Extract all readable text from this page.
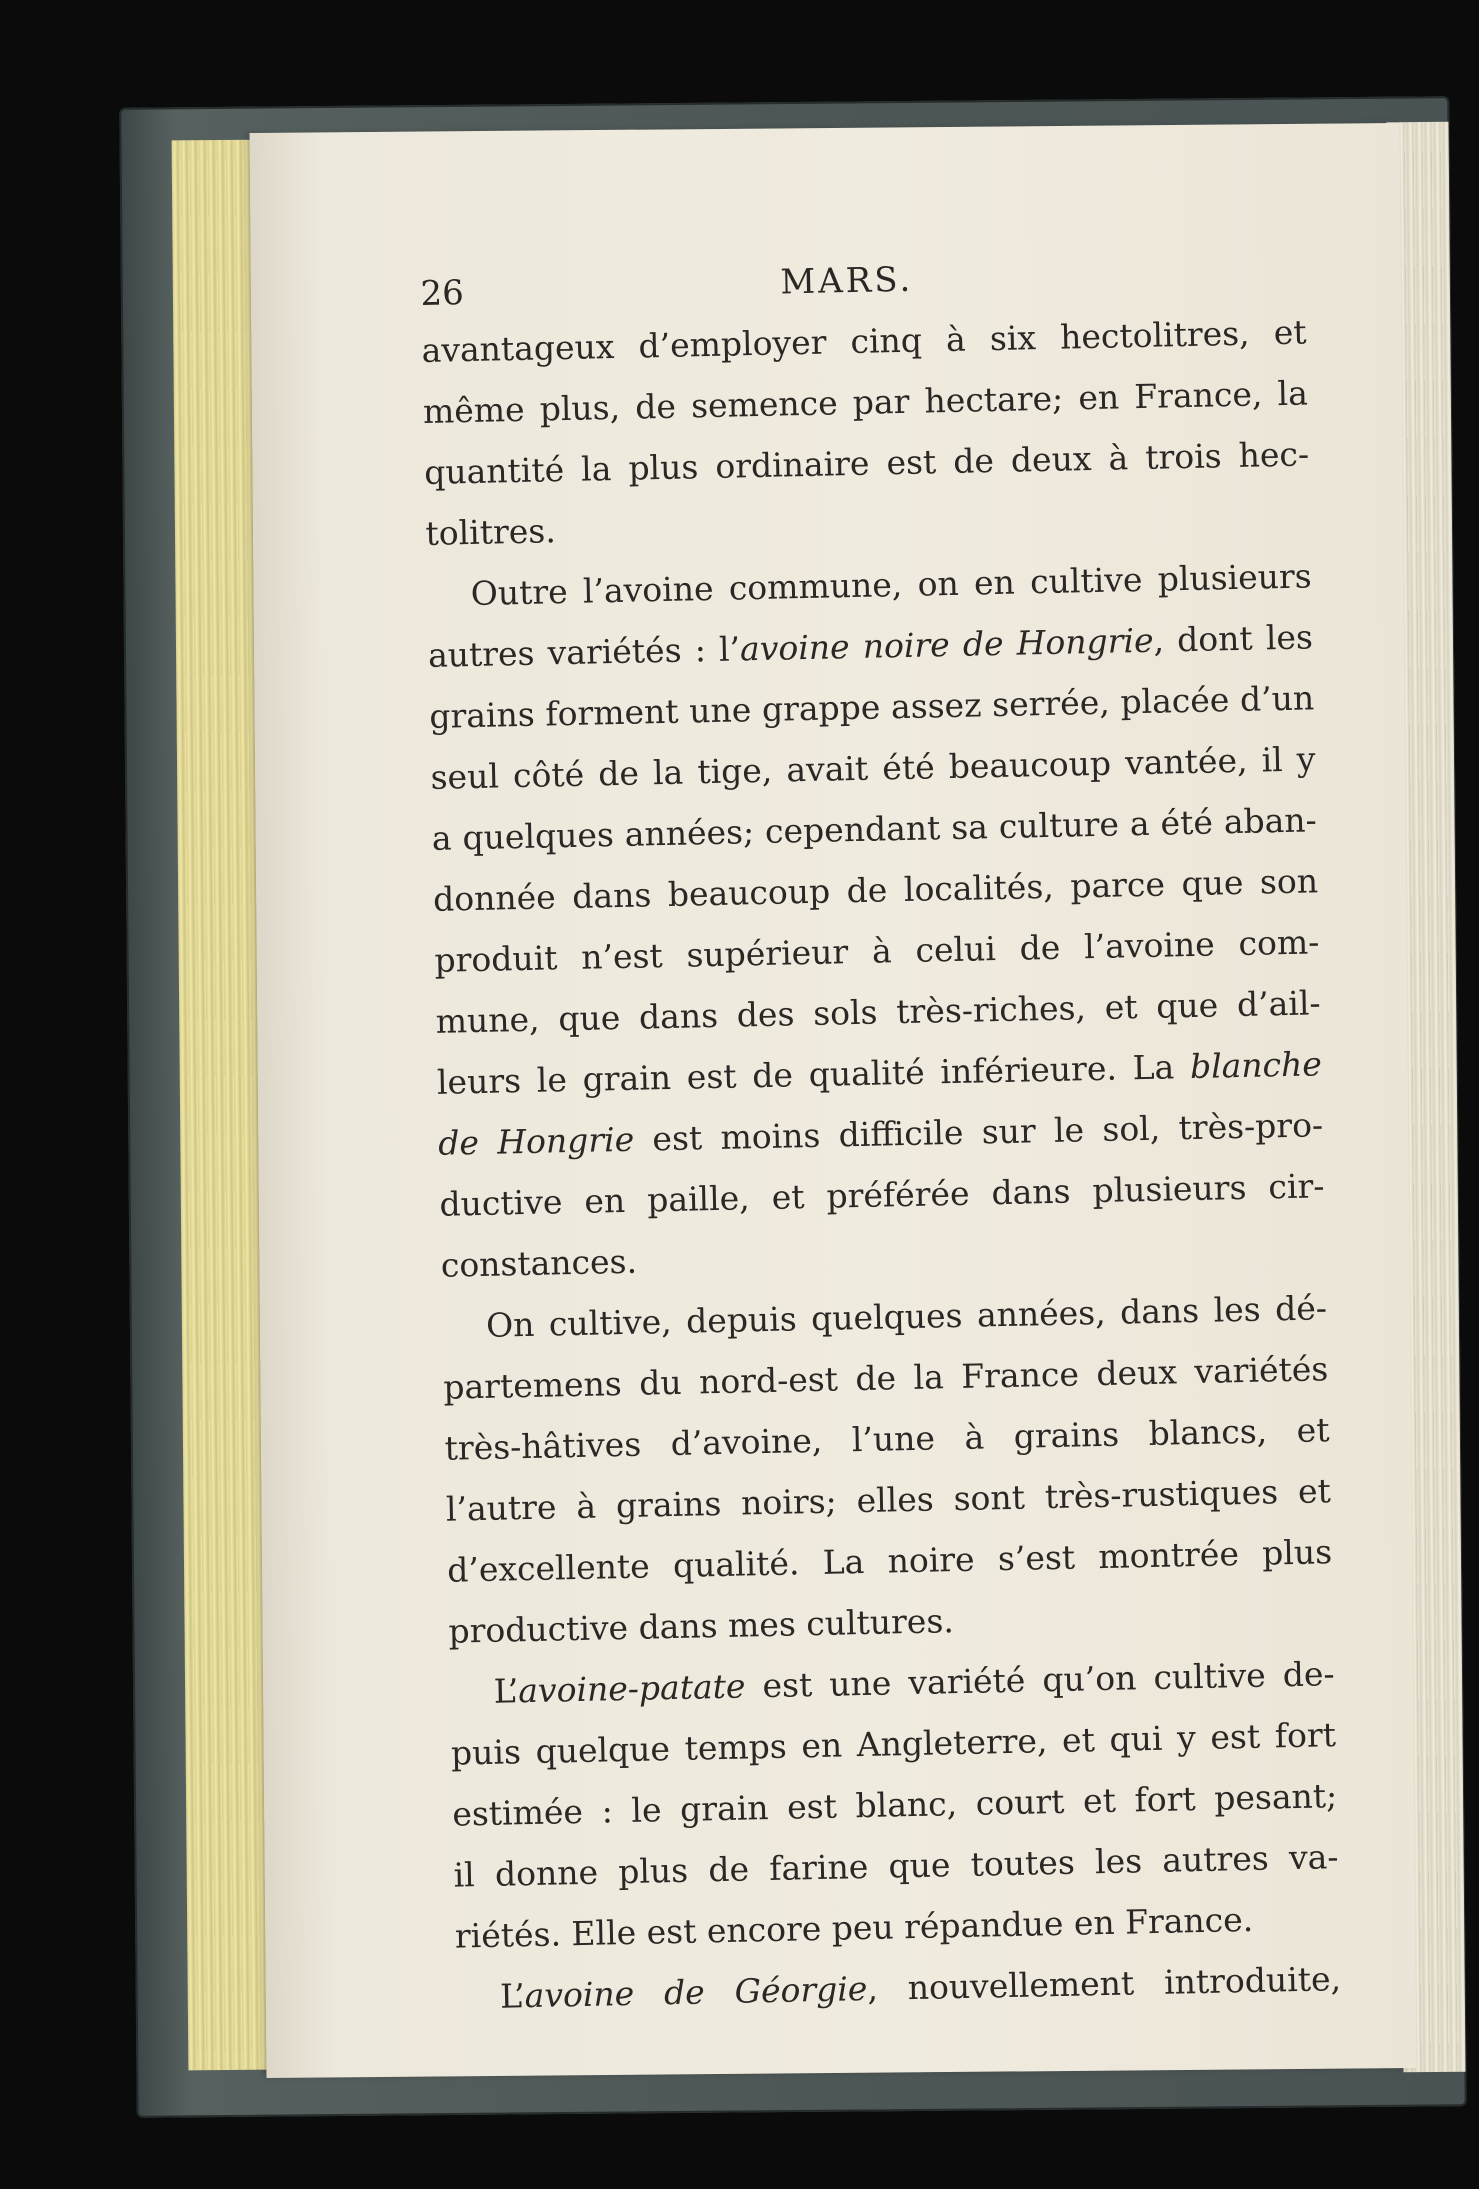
26	MARS.
avantageux d’employer cinq à six hectolitres, et
même plus, de semence par hectare; en France, la
quantité la plus ordinaire est de deux à trois hec-
tolitres.
Outre l’avoine commune, on en cultive plusieurs
autres variétés : l’avoine noire de Hongrie, dont les
grains forment une grappe assez serrée, placée d’un
seul côté de la tige, avait été beaucoup vantée, il y
a quelques années; cependant sa culture a été aban-
donnée dans beaucoup de localités, parce que son
produit n’est supérieur à celui de l’avoine com-
mune, que dans des sols très-riches, et que d’ail-
leurs le grain est de qualité inférieure. La blanche
de Hongrie est moins difficile sur le sol, très-pro-
ductive en paille, et préférée dans plusieurs cir-
constances.
On cultive, depuis quelques années, dans les dé-
partemens du nord-est de la France deux variétés
très-hâtives d’avoine, l’une à grains blancs, et
l’autre à grains noirs; elles sont très-rustiques et
d’excellente qualité. La noire s’est montrée plus
productive dans mes cultures.
L’avoine-patate est une variété qu’on cultive de-
puis quelque temps en Angleterre, et qui y est fort
estimée : le grain est blanc, court et fort pesant;
il donne plus de farine que toutes les autres va-
riétés. Elle est encore peu répandue en France.
L’avoine de Géorgie, nouvellement introduite,
